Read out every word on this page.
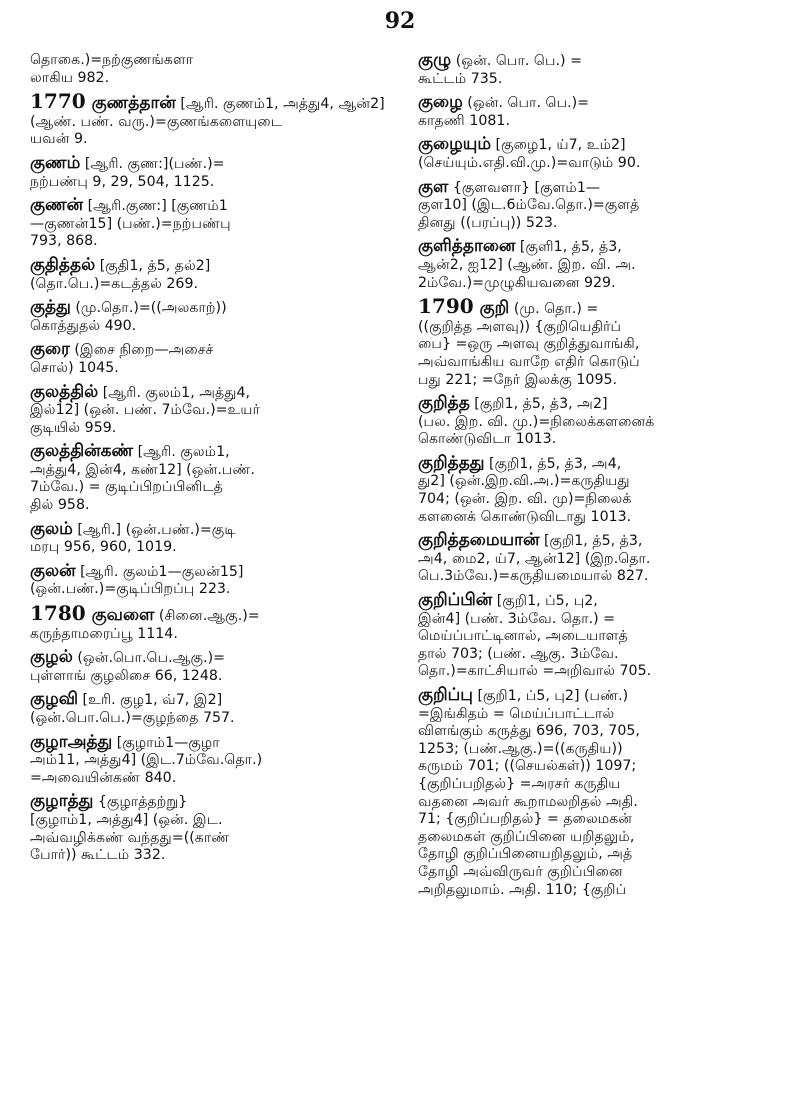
92

தொகை.)=நற்குணங்களா

லாகிய 982.

1770 குணத்தான் [ஆரி. குணம்1, அத்து4, ஆன்2] (ஆண். பண். வரு.)=குணங்களையுடை

யவன் 9.

குணம் [ஆரி. குண:](பண்.)=

நற்பண்பு 9, 29, 504, 1125.

குணன் [ஆரி.குண:] [குணம்1

—குணன்15] (பண்.)=நற்பண்பு

793, 868.

குதித்தல் [குதி1, த்5, தல்2]

(தொ.பெ.)=கடத்தல் 269.

குத்து (மு.தொ.)=((அலகாற்))

கொத்துதல் 490.

குரை (இசை நிறை—அசைச்

சொல்) 1045.

குலத்தில் [ஆரி. குலம்1, அத்து4,

இல்12] (ஒன். பண். 7ம்வே.)=உயர்

குடியில் 959.

குலத்தின்கண் [ஆரி. குலம்1,

அத்து4, இன்4, கண்12] (ஒன்.பண்.

7ம்வே.) = குடிப்பிறப்பினிடத்

தில் 958.

குலம் [ஆரி.] (ஒன்.பண்.)=குடி

மரபு 956, 960, 1019.

குலன் [ஆரி. குலம்1—குலன்15]

(ஒன்.பண்.)=குடிப்பிறப்பு 223.

1780 குவளை (சினை.ஆகு.)=

கருந்தாமரைப்பூ 1114.

குழல் (ஒன்.பொ.பெ.ஆகு.)=

புள்ளாங் குழலிசை 66, 1248.

குழவி [உரி. குழ1, வ்7, இ2]

(ஒன்.பொ.பெ.)=குழந்தை 757.

குழாஅத்து [குழாம்1—குழா

அம்11, அத்து4] (இட.7ம்வே.தொ.)

=அவையின்கண் 840.

குழாத்து {குழாத்தற்று}

[குழாம்1, அத்து4] (ஒன். இட.

அவ்வழிக்கண் வந்தது=((காண்

போர்)) கூட்டம் 332.

குழு (ஒன். பொ. பெ.) =

கூட்டம் 735.

குழை (ஒன். பொ. பெ.)=

காதணி 1081.

குழையும் [குழை1, ய்7, உம்2]

(செய்யும்.எதி.வி.மு.)=வாடும் 90.

குள {குளவளா} [குளம்1—

குள10] (இட.6ம்வே.தொ.)=குளத்

தினது ((பரப்பு)) 523.

குளித்தானை [குளி1, த்5, த்3,

ஆன்2, ஐ12] (ஆண். இற. வி. அ.

2ம்வே.)=முழுகியவனை 929.

1790 குறி (மு. தொ.) =

((குறித்த அளவு)) {குறியெதிர்ப்

பை} =ஒரு அளவு குறித்துவாங்கி,

அவ்வாங்கிய வாறே எதிர் கொடுப்

பது 221; =நேர் இலக்கு 1095.

குறித்த [குறி1, த்5, த்3, அ2]

(பல. இற. வி. மு.)=நிலைக்களனைக்

கொண்டுவிடா 1013.

குறித்தது [குறி1, த்5, த்3, அ4,

து2] (ஒன்.இற.வி.அ.)=கருதியது

704; (ஒன். இற. வி. மு)=நிலைக்

களனைக் கொண்டுவிடாது 1013.

குறித்தமையான் [குறி1, த்5, த்3,

அ4, மை2, ய்7, ஆன்12] (இற.தொ.

பெ.3ம்வே.)=கருதியமையால் 827.

குறிப்பின் [குறி1, ப்5, பு2,

இன்4] (பண். 3ம்வே. தொ.) =

மெய்ப்பாட்டினால், அடையாளத்

தால் 703; (பண். ஆகு. 3ம்வே.

தொ.)=காட்சியால் =அறிவால் 705.

குறிப்பு [குறி1, ப்5, பு2] (பண்.)

=இங்கிதம் = மெய்ப்பாட்டால்

விளங்கும் கருத்து 696, 703, 705,

1253; (பண்.ஆகு.)=((கருதிய))

கருமம் 701; ((செயல்கள்)) 1097;

{குறிப்பறிதல்} =அரசர் கருதிய

வதனை அவர் கூறாமலறிதல் அதி.

71; {குறிப்பறிதல்} = தலைமகன்

தலைமகள் குறிப்பினை யறிதலும்,

தோழி குறிப்பினையறிதலும், அத்

தோழி அவ்விருவர் குறிப்பினை

அறிதலுமாம். அதி. 110; {குறிப்
